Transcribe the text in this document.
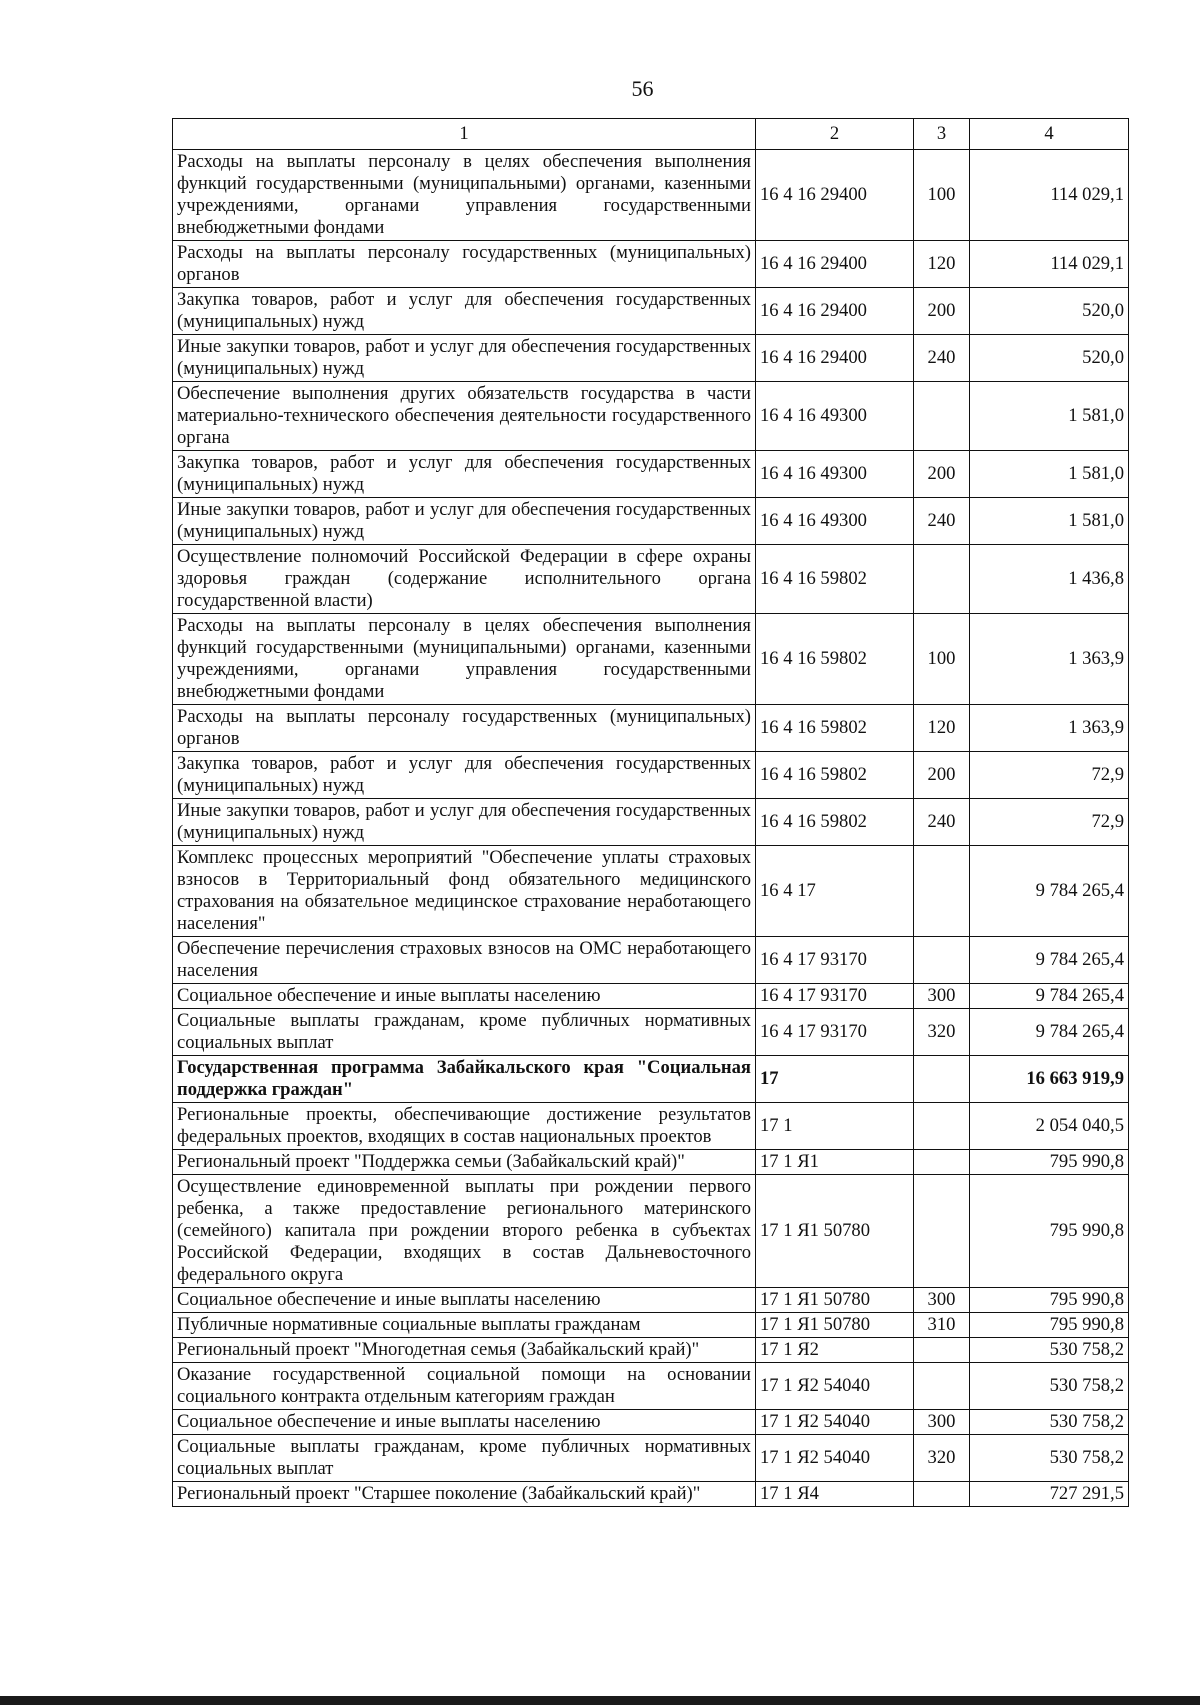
56
1	2	3	4
Расходы на выплаты персоналу в целях обеспечения выполнения функций государственными (муниципальными) органами, казенными учреждениями, органами управления государственными внебюджетными фондами	16 4 16 29400	100	114 029,1
Расходы на выплаты персоналу государственных (муниципальных) органов	16 4 16 29400	120	114 029,1
Закупка товаров, работ и услуг для обеспечения государственных (муниципальных) нужд	16 4 16 29400	200	520,0
Иные закупки товаров, работ и услуг для обеспечения государственных (муниципальных) нужд	16 4 16 29400	240	520,0
Обеспечение выполнения других обязательств государства в части материально-технического обеспечения деятельности государственного органа	16 4 16 49300		1 581,0
Закупка товаров, работ и услуг для обеспечения государственных (муниципальных) нужд	16 4 16 49300	200	1 581,0
Иные закупки товаров, работ и услуг для обеспечения государственных (муниципальных) нужд	16 4 16 49300	240	1 581,0
Осуществление полномочий Российской Федерации в сфере охраны здоровья граждан (содержание исполнительного органа государственной власти)	16 4 16 59802		1 436,8
Расходы на выплаты персоналу в целях обеспечения выполнения функций государственными (муниципальными) органами, казенными учреждениями, органами управления государственными внебюджетными фондами	16 4 16 59802	100	1 363,9
Расходы на выплаты персоналу государственных (муниципальных) органов	16 4 16 59802	120	1 363,9
Закупка товаров, работ и услуг для обеспечения государственных (муниципальных) нужд	16 4 16 59802	200	72,9
Иные закупки товаров, работ и услуг для обеспечения государственных (муниципальных) нужд	16 4 16 59802	240	72,9
Комплекс процессных мероприятий "Обеспечение уплаты страховых взносов в Территориальный фонд обязательного медицинского страхования на обязательное медицинское страхование неработающего населения"	16 4 17		9 784 265,4
Обеспечение перечисления страховых взносов на ОМС неработающего населения	16 4 17 93170		9 784 265,4
Социальное обеспечение и иные выплаты населению	16 4 17 93170	300	9 784 265,4
Социальные выплаты гражданам, кроме публичных нормативных социальных выплат	16 4 17 93170	320	9 784 265,4
Государственная программа Забайкальского края "Социальная поддержка граждан"	17		16 663 919,9
Региональные проекты, обеспечивающие достижение результатов федеральных проектов, входящих в состав национальных проектов	17 1		2 054 040,5
Региональный проект "Поддержка семьи (Забайкальский край)"	17 1 Я1		795 990,8
Осуществление единовременной выплаты при рождении первого ребенка, а также предоставление регионального материнского (семейного) капитала при рождении второго ребенка в субъектах Российской Федерации, входящих в состав Дальневосточного федерального округа	17 1 Я1 50780		795 990,8
Социальное обеспечение и иные выплаты населению	17 1 Я1 50780	300	795 990,8
Публичные нормативные социальные выплаты гражданам	17 1 Я1 50780	310	795 990,8
Региональный проект "Многодетная семья (Забайкальский край)"	17 1 Я2		530 758,2
Оказание государственной социальной помощи на основании социального контракта отдельным категориям граждан	17 1 Я2 54040		530 758,2
Социальное обеспечение и иные выплаты населению	17 1 Я2 54040	300	530 758,2
Социальные выплаты гражданам, кроме публичных нормативных социальных выплат	17 1 Я2 54040	320	530 758,2
Региональный проект "Старшее поколение (Забайкальский край)"	17 1 Я4		727 291,5
